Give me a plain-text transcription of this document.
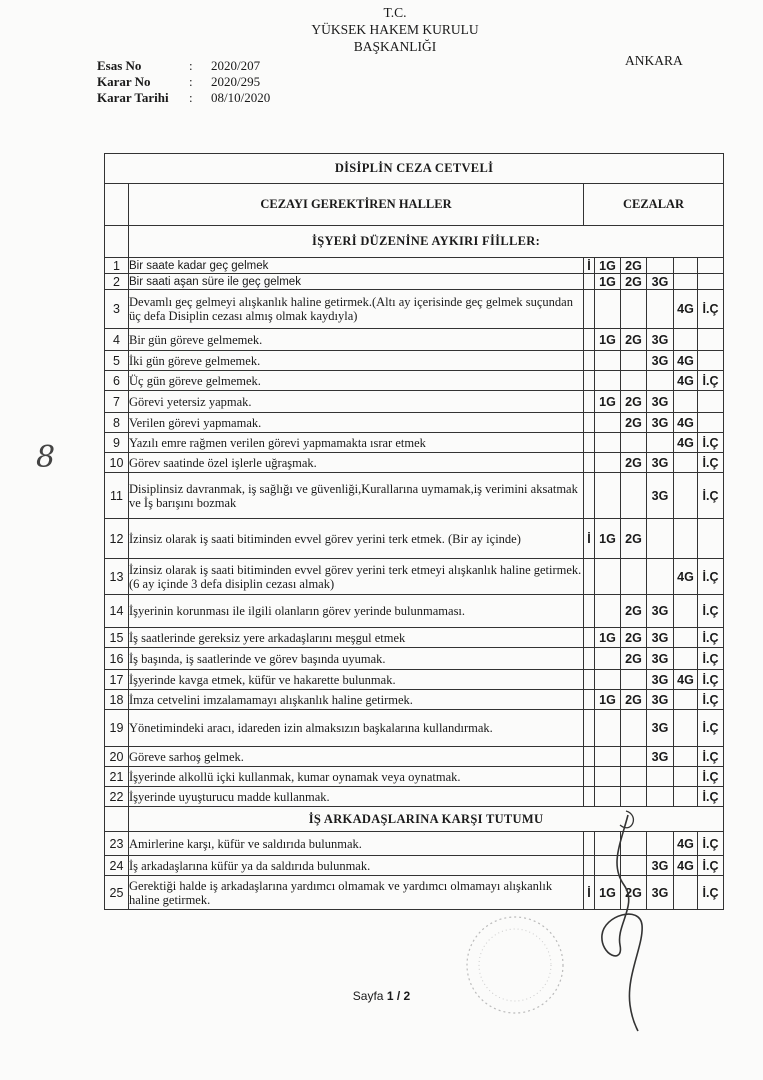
T.C.
YÜKSEK HAKEM KURULU
BAŞKANLIĞI
ANKARA
Esas No	:	2020/207
Karar No	:	2020/295
Karar Tarihi	:	08/10/2020
8
DİSİPLİN CEZA CETVELİ							
	CEZAYI GEREKTİREN HALLER	CEZALAR					
	İŞYERİ DÜZENİNE AYKIRI FİİLLER:						
1	Bir saate kadar geç gelmek	İ	1G	2G			
2	Bir saati aşan süre ile geç gelmek		1G	2G	3G		
3	Devamlı geç gelmeyi alışkanlık haline getirmek.(Altı ay içerisinde geç gelmek suçundan üç defa Disiplin cezası almış olmak kaydıyla)					4G	İ.Ç
4	Bir gün göreve gelmemek.		1G	2G	3G		
5	İki gün göreve gelmemek.				3G	4G	
6	Üç gün göreve gelmemek.					4G	İ.Ç
7	Görevi yetersiz yapmak.		1G	2G	3G		
8	Verilen görevi yapmamak.			2G	3G	4G	
9	Yazılı emre rağmen verilen görevi yapmamakta ısrar etmek					4G	İ.Ç
10	Görev saatinde özel işlerle uğraşmak.			2G	3G		İ.Ç
11	Disiplinsiz davranmak, iş sağlığı ve güvenliği,Kurallarına uymamak,iş verimini aksatmak ve İş barışını bozmak				3G		İ.Ç
12	İzinsiz olarak iş saati bitiminden evvel görev yerini terk etmek. (Bir ay içinde)	İ	1G	2G			
13	İzinsiz olarak iş saati bitiminden evvel görev yerini terk etmeyi alışkanlık haline getirmek. (6 ay içinde 3 defa disiplin cezası almak)					4G	İ.Ç
14	İşyerinin korunması ile ilgili olanların görev yerinde bulunmaması.			2G	3G		İ.Ç
15	İş saatlerinde gereksiz yere arkadaşlarını meşgul etmek		1G	2G	3G		İ.Ç
16	İş başında, iş saatlerinde ve görev başında uyumak.			2G	3G		İ.Ç
17	İşyerinde kavga etmek, küfür ve hakarette bulunmak.				3G	4G	İ.Ç
18	İmza cetvelini imzalamamayı alışkanlık haline getirmek.		1G	2G	3G		İ.Ç
19	Yönetimindeki aracı, idareden izin almaksızın başkalarına kullandırmak.				3G		İ.Ç
20	Göreve sarhoş gelmek.				3G		İ.Ç
21	İşyerinde alkollü içki kullanmak, kumar oynamak veya oynatmak.						İ.Ç
22	İşyerinde uyuşturucu madde kullanmak.						İ.Ç
	İŞ ARKADAŞLARINA KARŞI TUTUMU						
23	Amirlerine karşı, küfür ve saldırıda bulunmak.					4G	İ.Ç
24	İş arkadaşlarına küfür ya da saldırıda bulunmak.				3G	4G	İ.Ç
25	Gerektiği halde iş arkadaşlarına yardımcı olmamak ve yardımcı olmamayı alışkanlık haline getirmek.	İ	1G	2G	3G		İ.Ç
Sayfa 1 / 2
